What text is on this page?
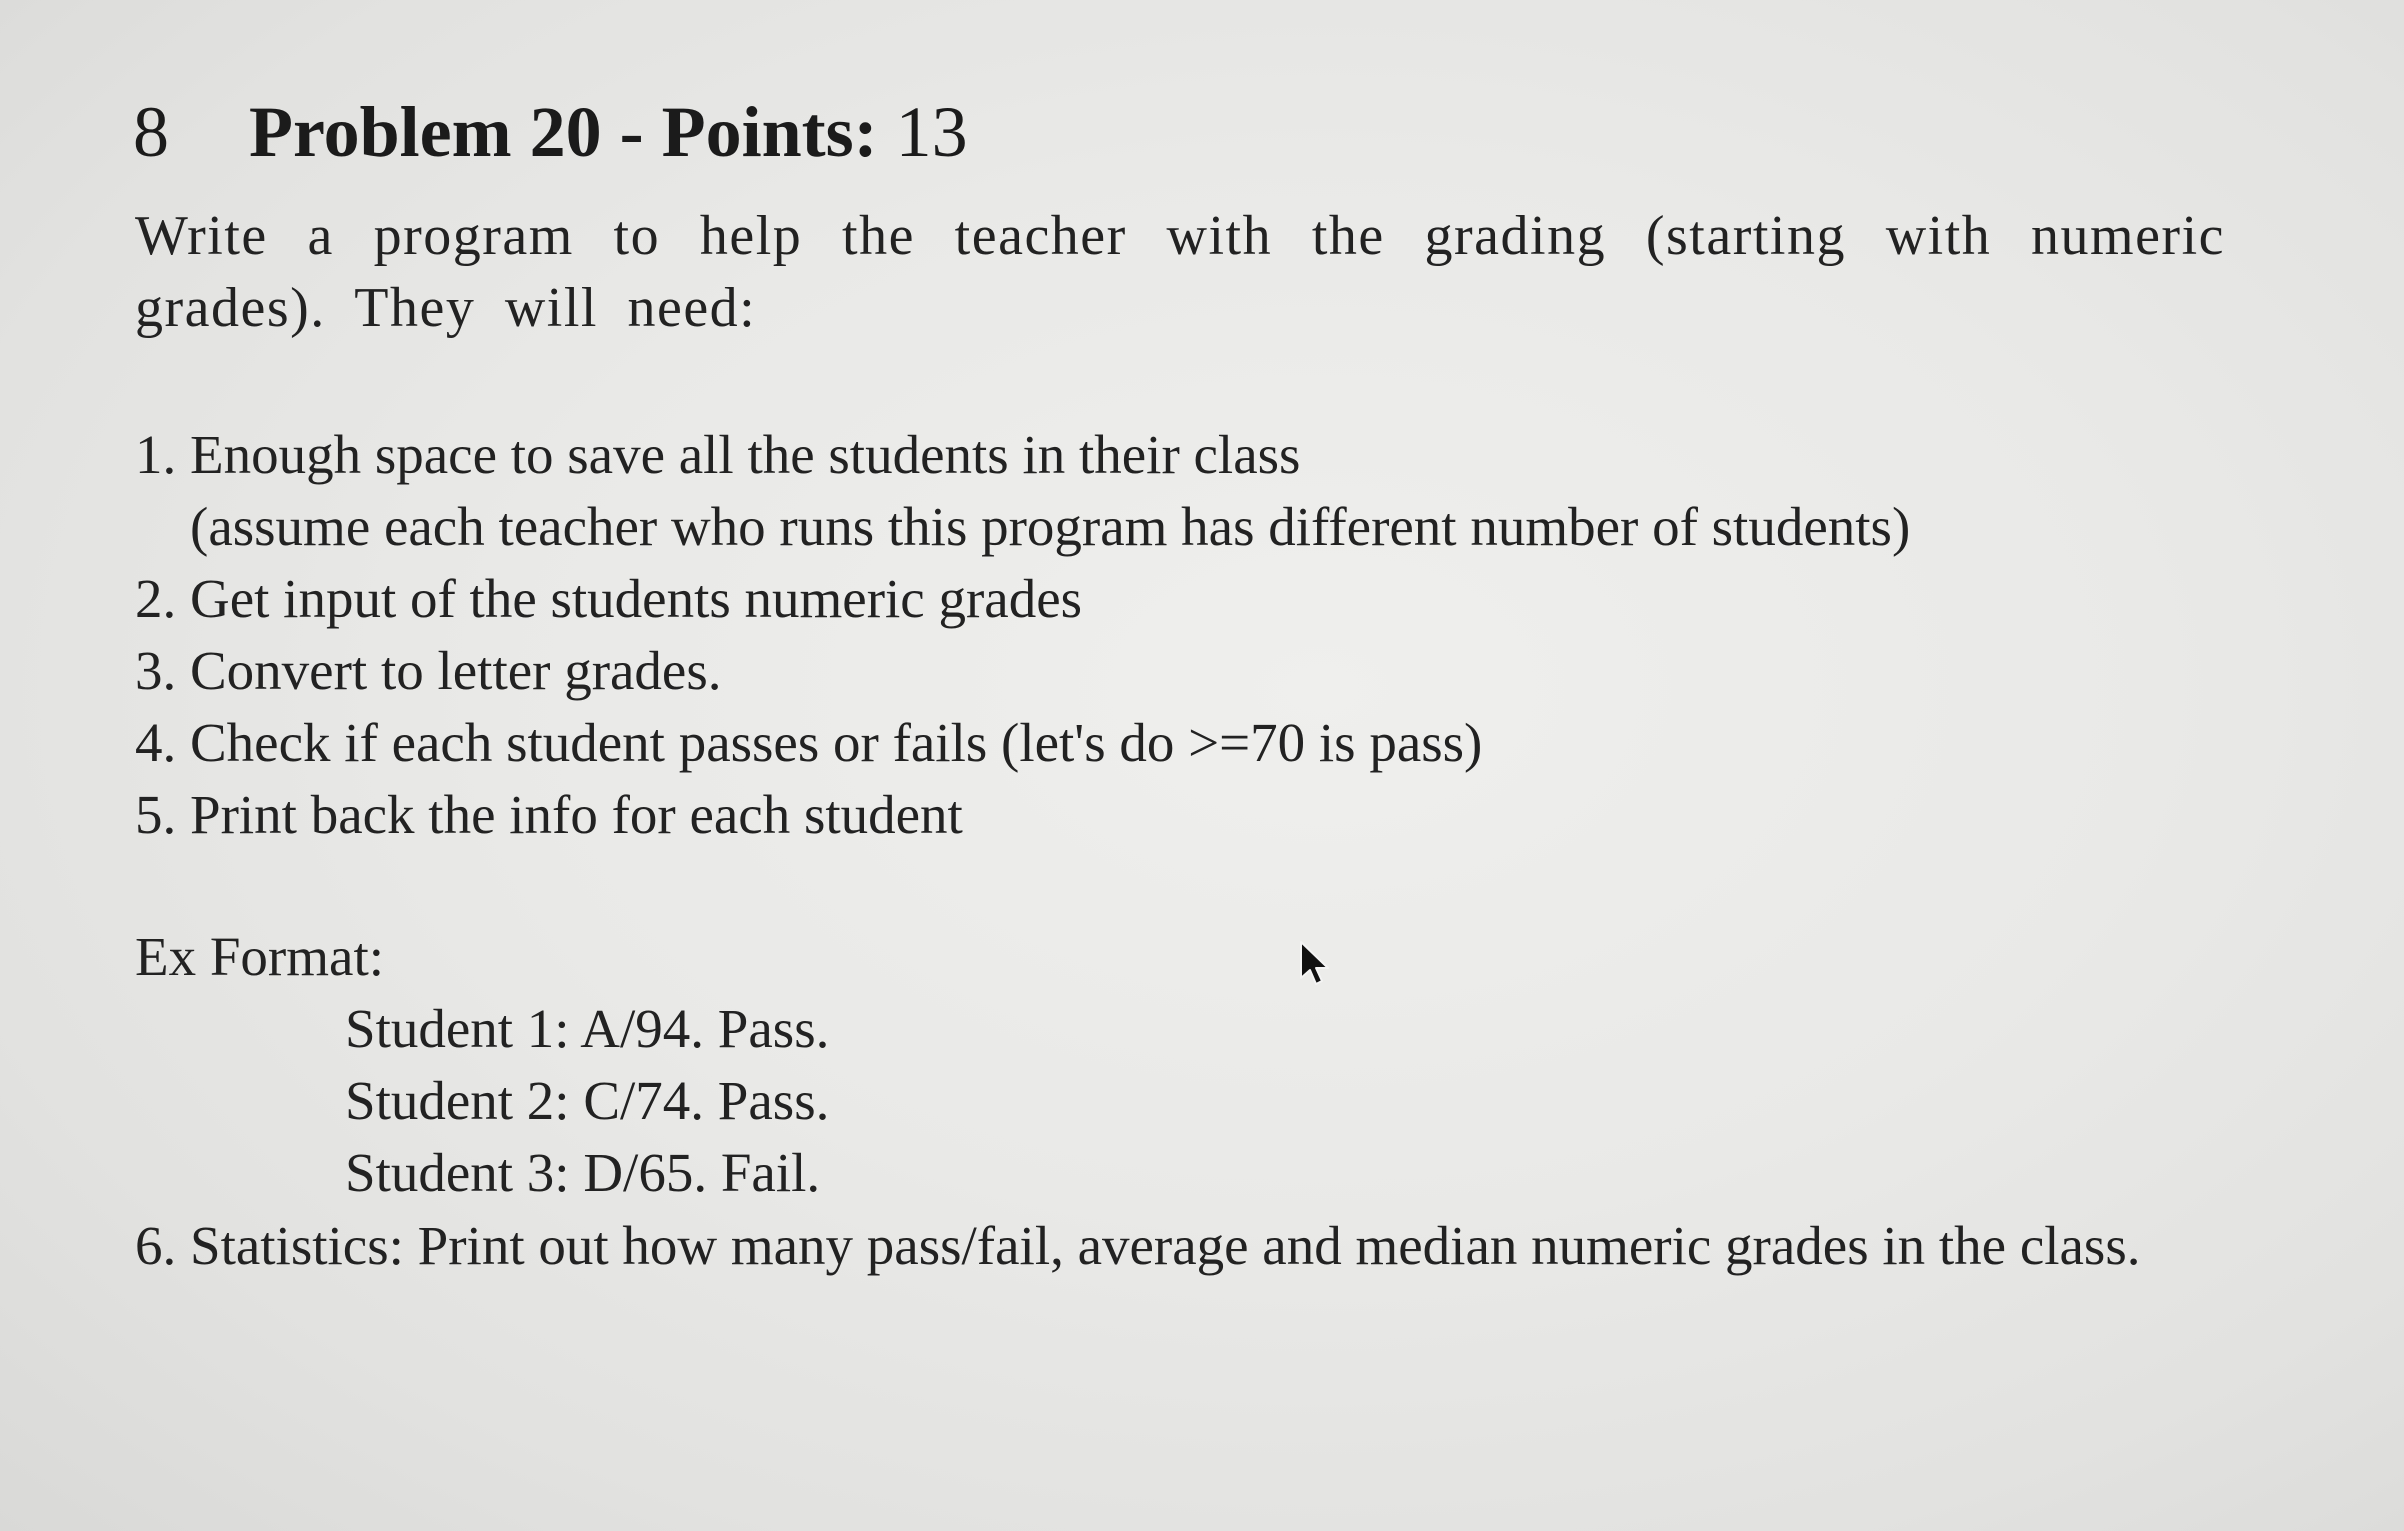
8 Problem 20 - Points: 13
Write a program to help the teacher with the grading (starting with numeric grades). They will need:
1. Enough space to save all the students in their class
(assume each teacher who runs this program has different number of students)
2. Get input of the students numeric grades
3. Convert to letter grades.
4. Check if each student passes or fails (let's do >=70 is pass)
5. Print back the info for each student
Ex Format:
Student 1: A/94. Pass.
Student 2: C/74. Pass.
Student 3: D/65. Fail.
6. Statistics: Print out how many pass/fail, average and median numeric grades in the class.
